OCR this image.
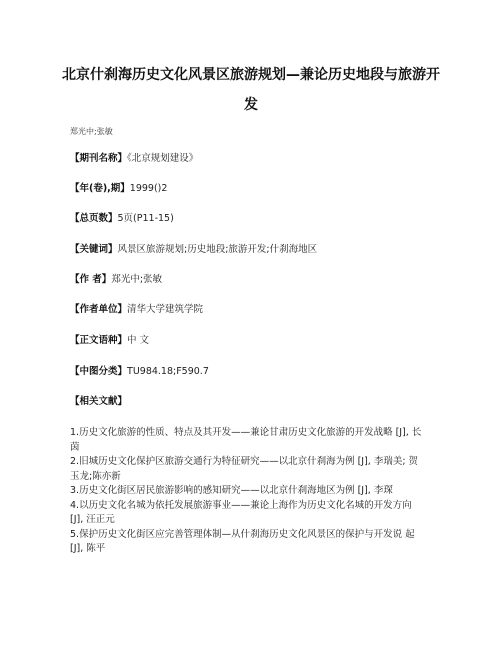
北京什刹海历史文化风景区旅游规划—兼论历史地段与旅游开发
郑光中;张敏
【期刊名称】《北京规划建设》
【年(卷),期】1999()2
【总页数】5页(P11-15)
【关键词】风景区旅游规划;历史地段;旅游开发;什刹海地区
【作 者】郑光中;张敏
【作者单位】清华大学建筑学院
【正文语种】中 文
【中图分类】TU984.18;F590.7
【相关文献】

1.历史文化旅游的性质、特点及其开发——兼论甘肃历史文化旅游的开发战略 [J], 长茵

2.旧城历史文化保护区旅游交通行为特征研究——以北京什刹海为例 [J], 李瑞美; 贺玉龙;陈亦新

3.历史文化街区居民旅游影响的感知研究——以北京什刹海地区为例 [J], 李琛

4.以历史文化名城为依托发展旅游事业——兼论上海作为历史文化名城的开发方向 [J], 汪正元

5.保护历史文化街区应完善管理体制—从什刹海历史文化风景区的保护与开发说 起 [J], 陈平
